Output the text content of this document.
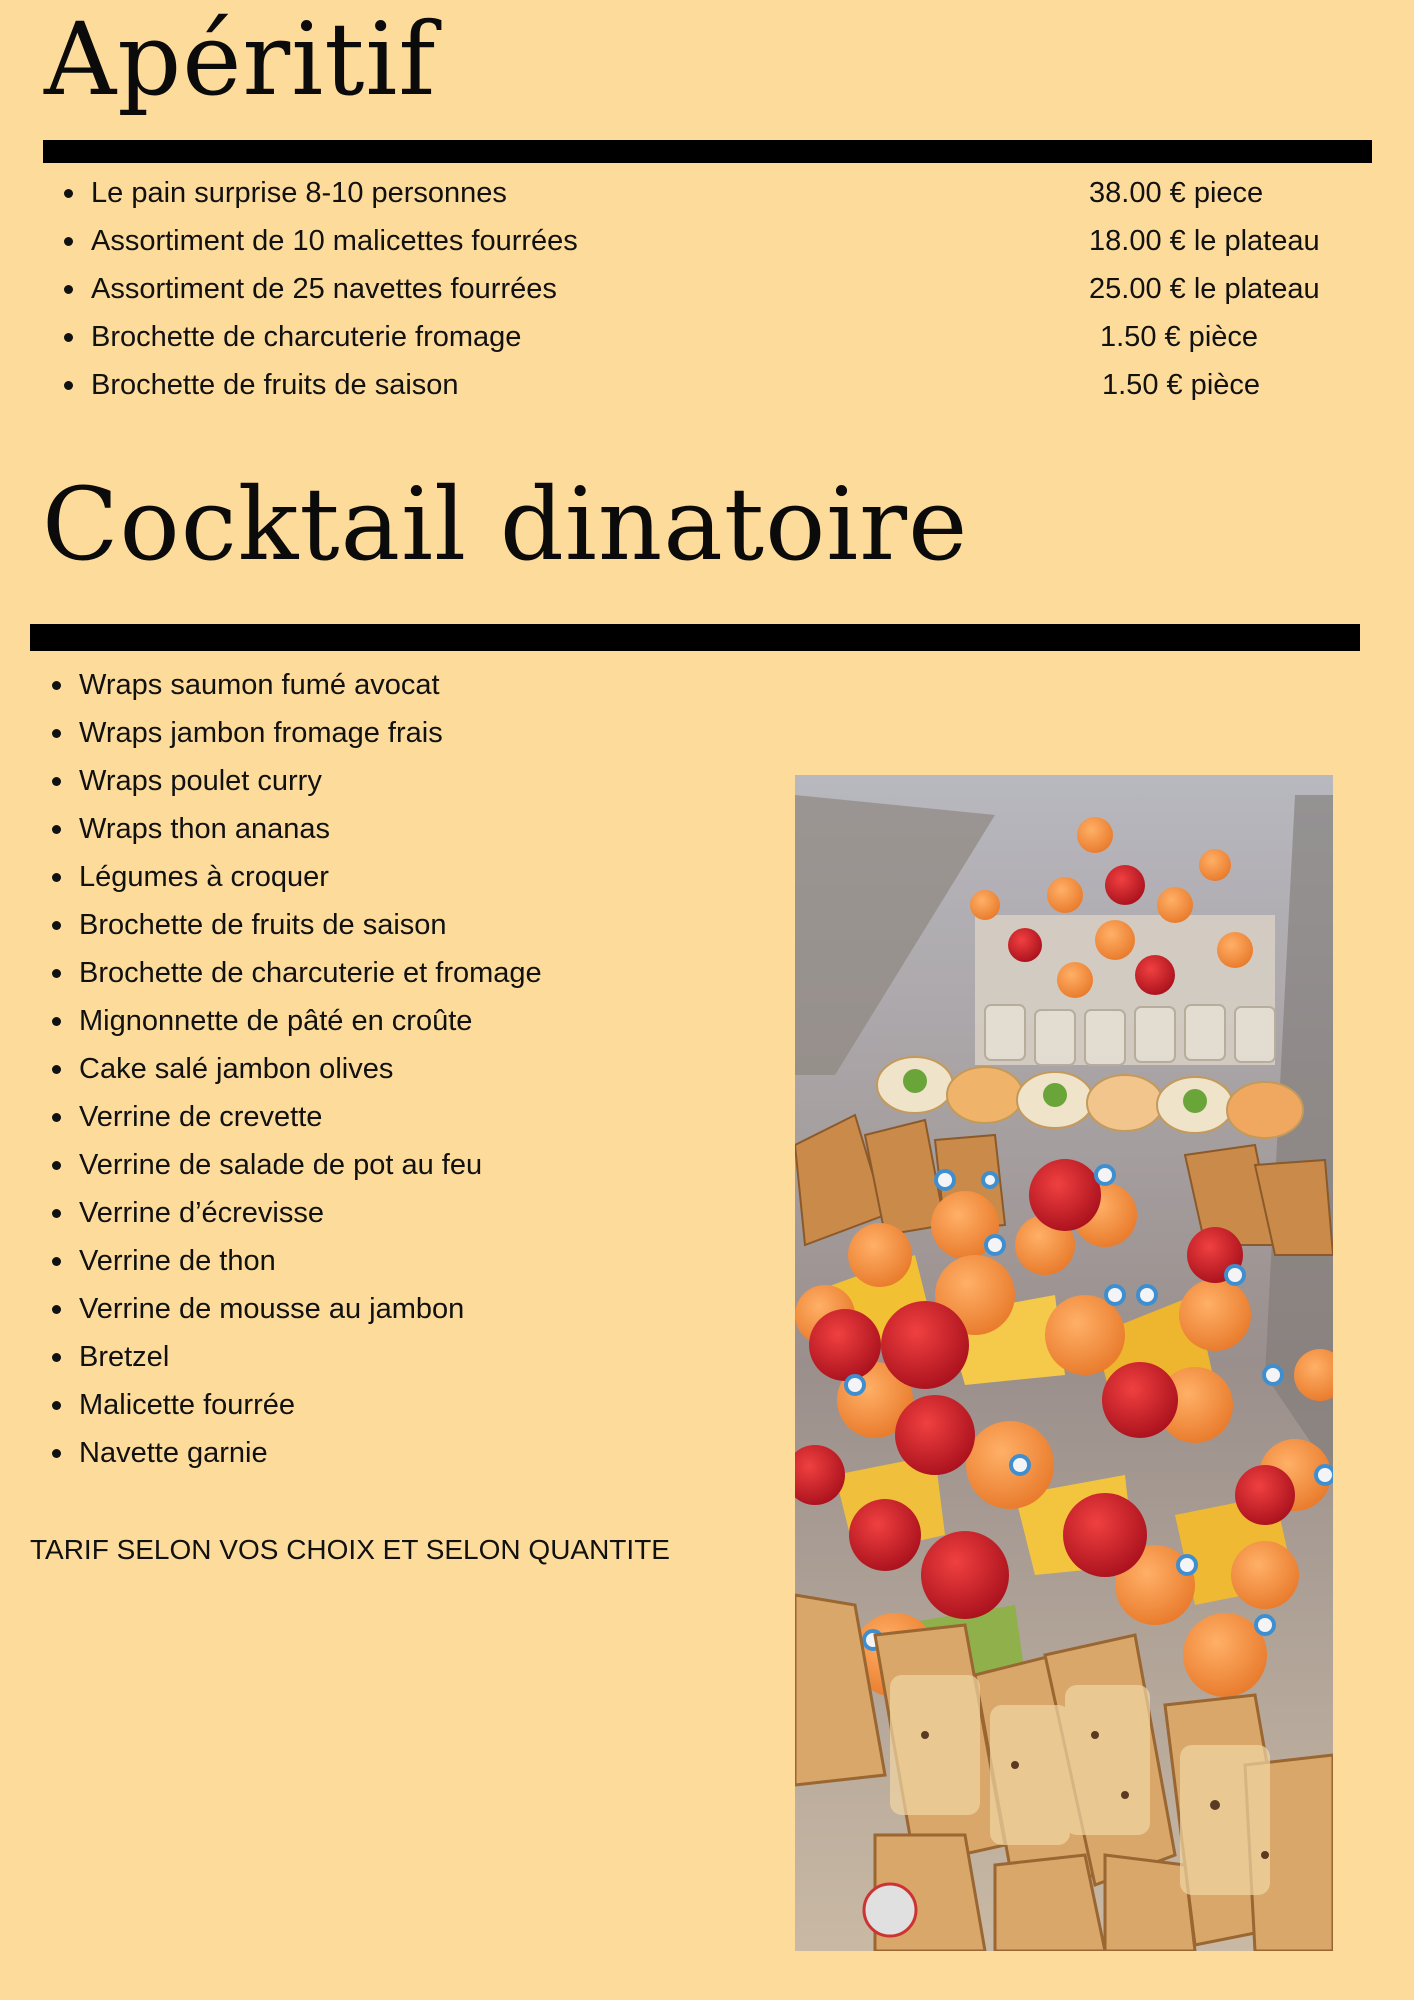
Apéritif
Le pain surprise 8-10 personnes	38.00 € piece
Assortiment de 10 malicettes fourrées	18.00 € le plateau
Assortiment de 25 navettes fourrées	25.00 € le plateau
Brochette de charcuterie fromage	1.50 € pièce
Brochette de fruits de saison	1.50 € pièce
Cocktail dinatoire
Wraps saumon fumé avocat
Wraps jambon fromage frais
Wraps poulet curry
Wraps thon ananas
Légumes à croquer
Brochette de fruits de saison
Brochette de charcuterie et fromage
Mignonnette de pâté en croûte
Cake salé jambon olives
Verrine de crevette
Verrine de salade de pot au feu
Verrine d’écrevisse
Verrine de thon
Verrine de mousse au jambon
Bretzel
Malicette fourrée
Navette garnie

TARIF SELON VOS CHOIX ET SELON QUANTITE
